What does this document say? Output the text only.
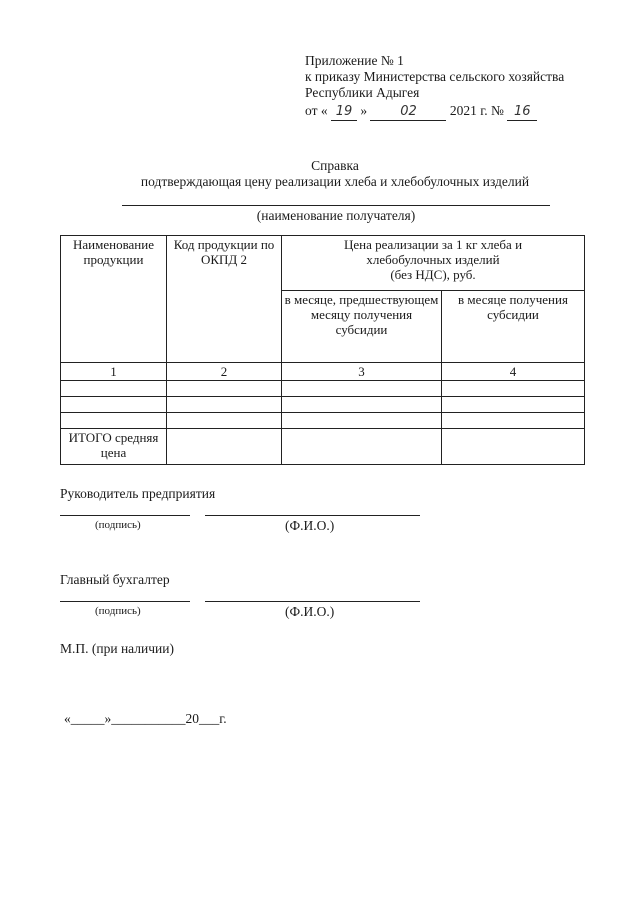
Приложение № 1
к приказу Министерства сельского хозяйства
Республики Адыгея
от « 19 »	02 2021 г. № 16
Справка
подтверждающая цену реализации хлеба и хлебобулочных изделий
(наименование получателя)
Наименование продукции	Код продукции по ОКПД 2	Цена реализации за 1 кг хлеба и
хлебобулочных изделий
(без НДС), руб.	

		в месяце, предшествующем месяцу получения субсидии	в месяце получения субсидии
1	2	3	4

ИТОГО средняя цена			
Руководитель предприятия
(подпись)	(Ф.И.О.)
Главный бухгалтер
(подпись)	(Ф.И.О.)
М.П. (при наличии)
«_____»___________20___г.
